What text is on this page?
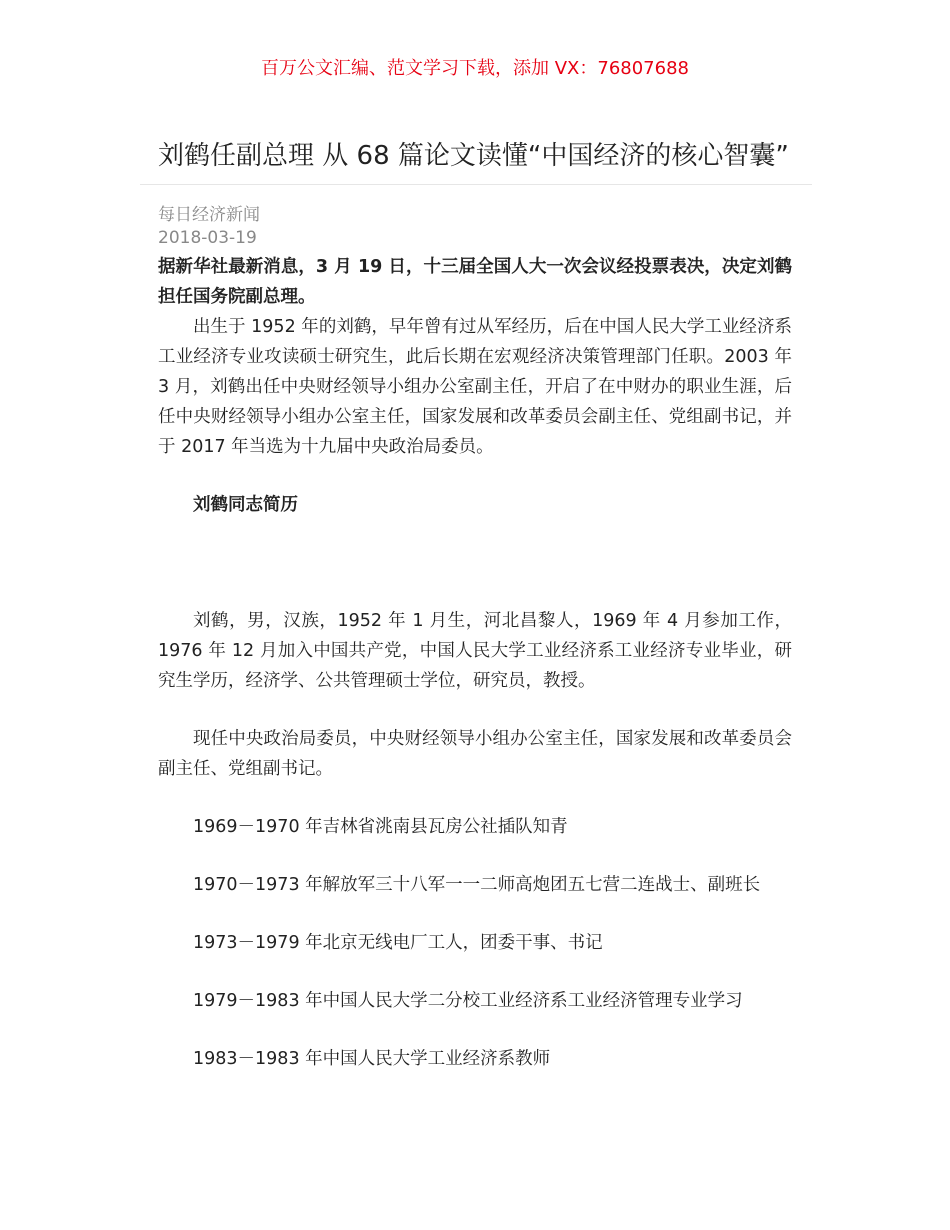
百万公文汇编、范文学习下载，添加 VX：76807688
刘鹤任副总理 从 68 篇论文读懂“中国经济的核心智囊”
每日经济新闻
2018-03-19

据新华社最新消息，3 月 19 日，十三届全国人大一次会议经投票表决，决定刘鹤担任国务院副总理。

出生于 1952 年的刘鹤，早年曾有过从军经历，后在中国人民大学工业经济系工业经济专业攻读硕士研究生，此后长期在宏观经济决策管理部门任职。2003 年 3 月，刘鹤出任中央财经领导小组办公室副主任，开启了在中财办的职业生涯，后任中央财经领导小组办公室主任，国家发展和改革委员会副主任、党组副书记，并于 2017 年当选为十九届中央政治局委员。

刘鹤同志简历

刘鹤，男，汉族，1952 年 1 月生，河北昌黎人，1969 年 4 月参加工作，1976 年 12 月加入中国共产党，中国人民大学工业经济系工业经济专业毕业，研究生学历，经济学、公共管理硕士学位，研究员，教授。

现任中央政治局委员，中央财经领导小组办公室主任，国家发展和改革委员会副主任、党组副书记。

1969－1970 年吉林省洮南县瓦房公社插队知青

1970－1973 年解放军三十八军一一二师高炮团五七营二连战士、副班长

1973－1979 年北京无线电厂工人，团委干事、书记

1979－1983 年中国人民大学二分校工业经济系工业经济管理专业学习

1983－1983 年中国人民大学工业经济系教师
